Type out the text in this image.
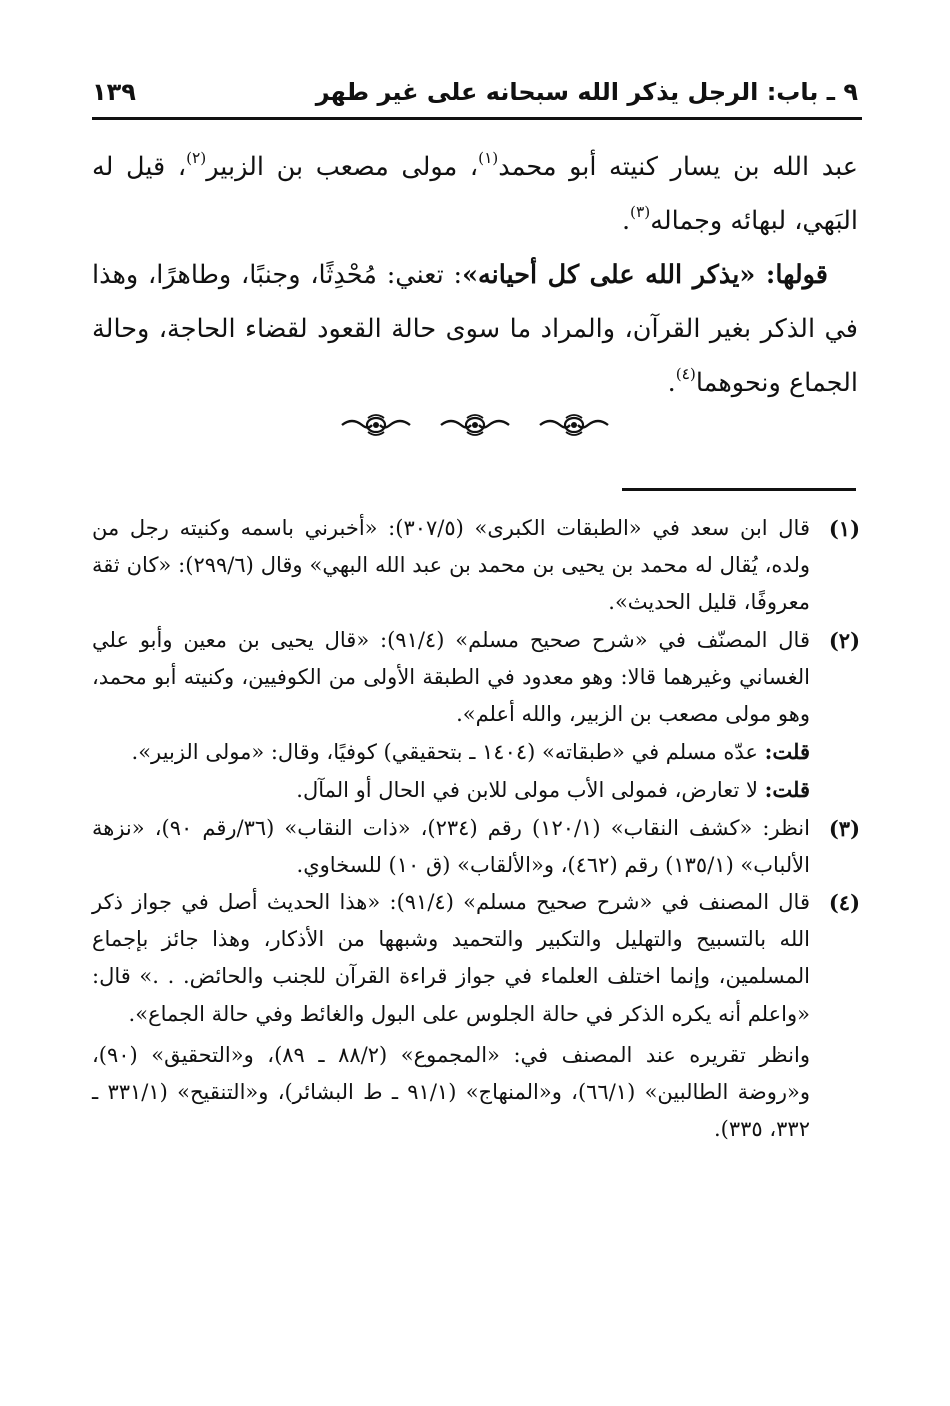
٩ ـ باب: الرجل يذكر الله سبحانه على غير طهر
١٣٩

عبد الله بن يسار كنيته أبو محمد$^{(١)}$، مولى مصعب بن الزبير$^{(٢)}$، قيل له البَهي، لبهائه وجماله$^{(٣)}$.

قولها: «يذكر الله على كل أحيانه»: تعني: مُحْدِثًا، وجنبًا، وطاهرًا، وهذا في الذكر بغير القرآن، والمراد ما سوى حالة القعود لقضاء الحاجة، وحالة الجماع ونحوهما$^{(٤)}$.

(١)

قال ابن سعد في «الطبقات الكبرى» (٣٠٧/٥): «أخبرني باسمه وكنيته رجل من ولده، يُقال له محمد بن يحيى بن محمد بن عبد الله البهي» وقال (٢٩٩/٦): «كان ثقة معروفًا، قليل الحديث».

(٢)

قال المصنّف في «شرح صحيح مسلم» (٩١/٤): «قال يحيى بن معين وأبو علي الغساني وغيرهما قالا: وهو معدود في الطبقة الأولى من الكوفيين، وكنيته أبو محمد، وهو مولى مصعب بن الزبير، والله أعلم».

قلت: عدّه مسلم في «طبقاته» (١٤٠٤ ـ بتحقيقي) كوفيًا، وقال: «مولى الزبير».

قلت: لا تعارض، فمولى الأب مولى للابن في الحال أو المآل.

(٣)

انظر: «كشف النقاب» (١٢٠/١) رقم (٢٣٤)، «ذات النقاب» (٣٦/رقم ٩٠)، «نزهة الألباب» (١٣٥/١) رقم (٤٦٢)، و«الألقاب» (ق ١٠) للسخاوي.

(٤)

قال المصنف في «شرح صحيح مسلم» (٩١/٤): «هذا الحديث أصل في جواز ذكر الله بالتسبيح والتهليل والتكبير والتحميد وشبهها من الأذكار، وهذا جائز بإجماع المسلمين، وإنما اختلف العلماء في جواز قراءة القرآن للجنب والحائض. . .» قال: «واعلم أنه يكره الذكر في حالة الجلوس على البول والغائط وفي حالة الجماع».

وانظر تقريره عند المصنف في: «المجموع» (٨٨/٢ ـ ٨٩)، و«التحقيق» (٩٠)، و«روضة الطالبين» (٦٦/١)، و«المنهاج» (٩١/١ ـ ط البشائر)، و«التنقيح» (٣٣١/١ ـ ٣٣٢، ٣٣٥).
